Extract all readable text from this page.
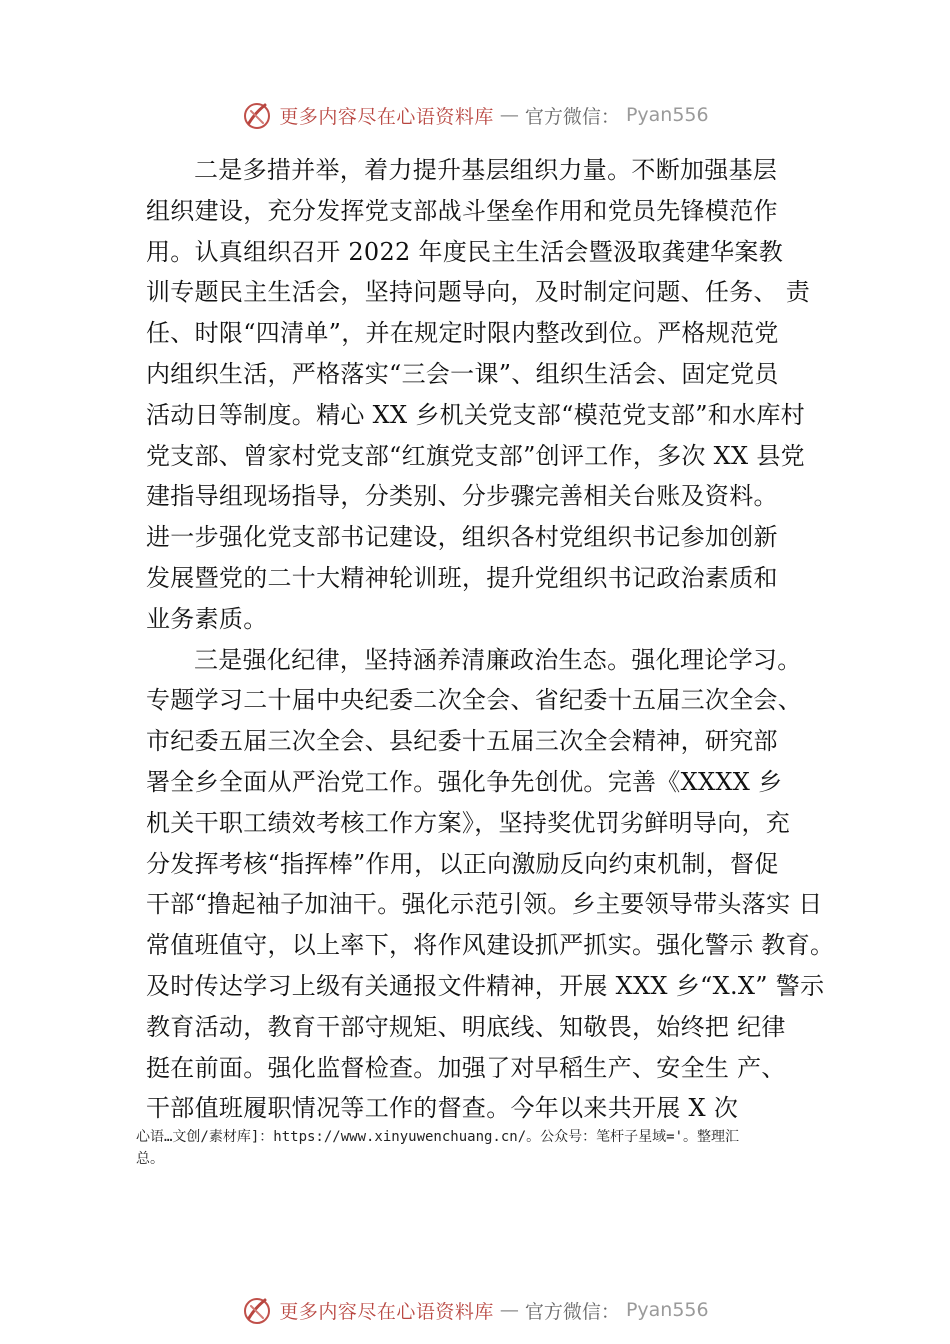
更多内容尽在心语资料库 — 官方微信： Pyan556
二是多措并举，着力提升基层组织力量。不断加强基层
组织建设，充分发挥党支部战斗堡垒作用和党员先锋模范作
用。认真组织召开 2022 年度民主生活会暨汲取龚建华案教
训专题民主生活会，坚持问题导向，及时制定问题、任务、 责
任、时限“四清单”，并在规定时限内整改到位。严格规范党
内组织生活，严格落实“三会一课”、组织生活会、固定党员
活动日等制度。精心 XX 乡机关党支部“模范党支部”和水库村
党支部、曾家村党支部“红旗党支部”创评工作，多次 XX 县党
建指导组现场指导，分类别、分步骤完善相关台账及资料。
进一步强化党支部书记建设，组织各村党组织书记参加创新
发展暨党的二十大精神轮训班，提升党组织书记政治素质和
业务素质。
三是强化纪律，坚持涵养清廉政治生态。强化理论学习。
专题学习二十届中央纪委二次全会、省纪委十五届三次全会、
市纪委五届三次全会、县纪委十五届三次全会精神，研究部
署全乡全面从严治党工作。强化争先创优。完善《XXXX 乡
机关干职工绩效考核工作方案》，坚持奖优罚劣鲜明导向，充
分发挥考核“指挥棒”作用，以正向激励反向约束机制，督促
干部“撸起袖子加油干。强化示范引领。乡主要领导带头落实 日
常值班值守，以上率下，将作风建设抓严抓实。强化警示 教育。
及时传达学习上级有关通报文件精神，开展 XXX 乡“X.X” 警示
教育活动，教育干部守规矩、明底线、知敬畏，始终把 纪律
挺在前面。强化监督检查。加强了对早稻生产、安全生 产、
干部值班履职情况等工作的督查。今年以来共开展 X 次
心语…文创/素材库]：https://www.xinyuwenchuang.cn/。公众号：笔杆子星域='。整理汇
总。
更多内容尽在心语资料库 — 官方微信： Pyan556
